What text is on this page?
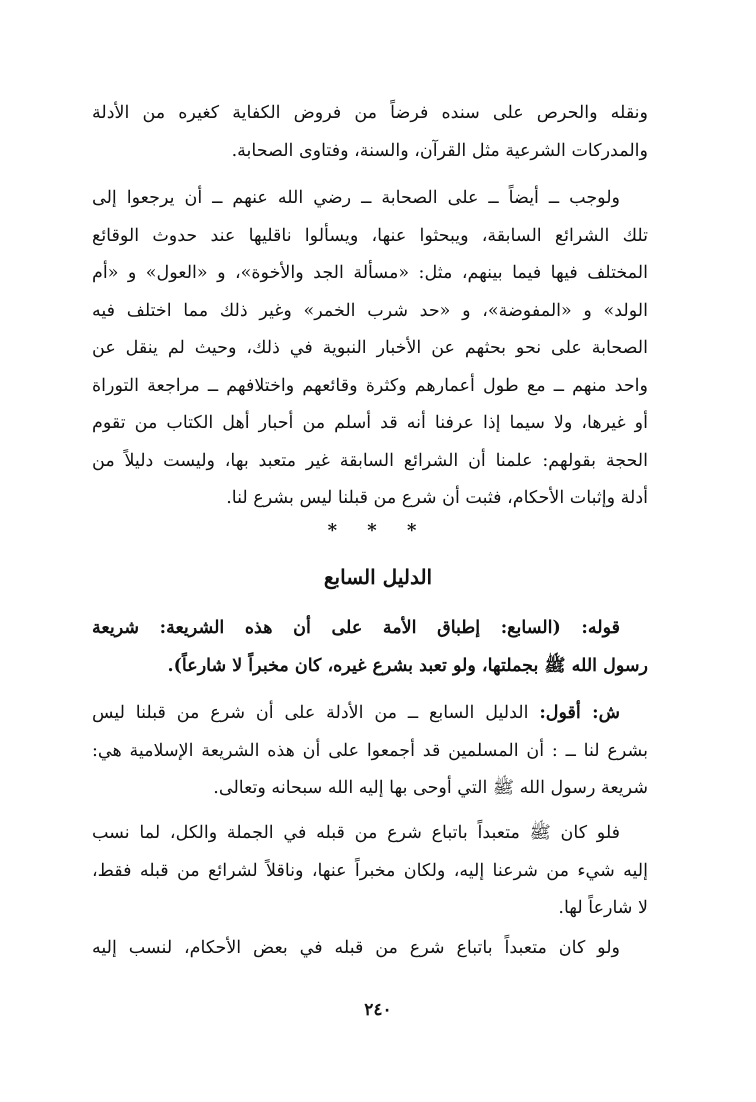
ونقله والحرص على سنده فرضاً من فروض الكفاية كغيره من الأدلة
والمدركات الشرعية مثل القرآن، والسنة، وفتاوى الصحابة.
ولوجب ــ أيضاً ــ على الصحابة ــ رضي الله عنهم ــ أن يرجعوا إلى
تلك الشرائع السابقة، ويبحثوا عنها، ويسألوا ناقليها عند حدوث الوقائع
المختلف فيها فيما بينهم، مثل: «مسألة الجد والأخوة»، و «العول» و «أم
الولد» و «المفوضة»، و «حد شرب الخمر» وغير ذلك مما اختلف فيه
الصحابة على نحو بحثهم عن الأخبار النبوية في ذلك، وحيث لم ينقل عن
واحد منهم ــ مع طول أعمارهم وكثرة وقائعهم واختلافهم ــ مراجعة التوراة
أو غيرها، ولا سيما إذا عرفنا أنه قد أسلم من أحبار أهل الكتاب من تقوم
الحجة بقولهم: علمنا أن الشرائع السابقة غير متعبد بها، وليست دليلاً من
أدلة وإثبات الأحكام، فثبت أن شرع من قبلنا ليس بشرع لنا.
* * *
الدليل السابع
قوله: (السابع: إطباق الأمة على أن هذه الشريعة: شريعة
رسول الله ﷺ بجملتها، ولو تعبد بشرع غيره، كان مخبراً لا شارعاً).
ش: أقول: الدليل السابع ــ من الأدلة على أن شرع من قبلنا ليس
بشرع لنا ــ : أن المسلمين قد أجمعوا على أن هذه الشريعة الإسلامية هي:
شريعة رسول الله ﷺ التي أوحى بها إليه الله سبحانه وتعالى.
فلو كان ﷺ متعبداً باتباع شرع من قبله في الجملة والكل، لما نسب
إليه شيء من شرعنا إليه، ولكان مخبراً عنها، وناقلاً لشرائع من قبله فقط،
لا شارعاً لها.
ولو كان متعبداً باتباع شرع من قبله في بعض الأحكام، لنسب إليه
٢٤٠
